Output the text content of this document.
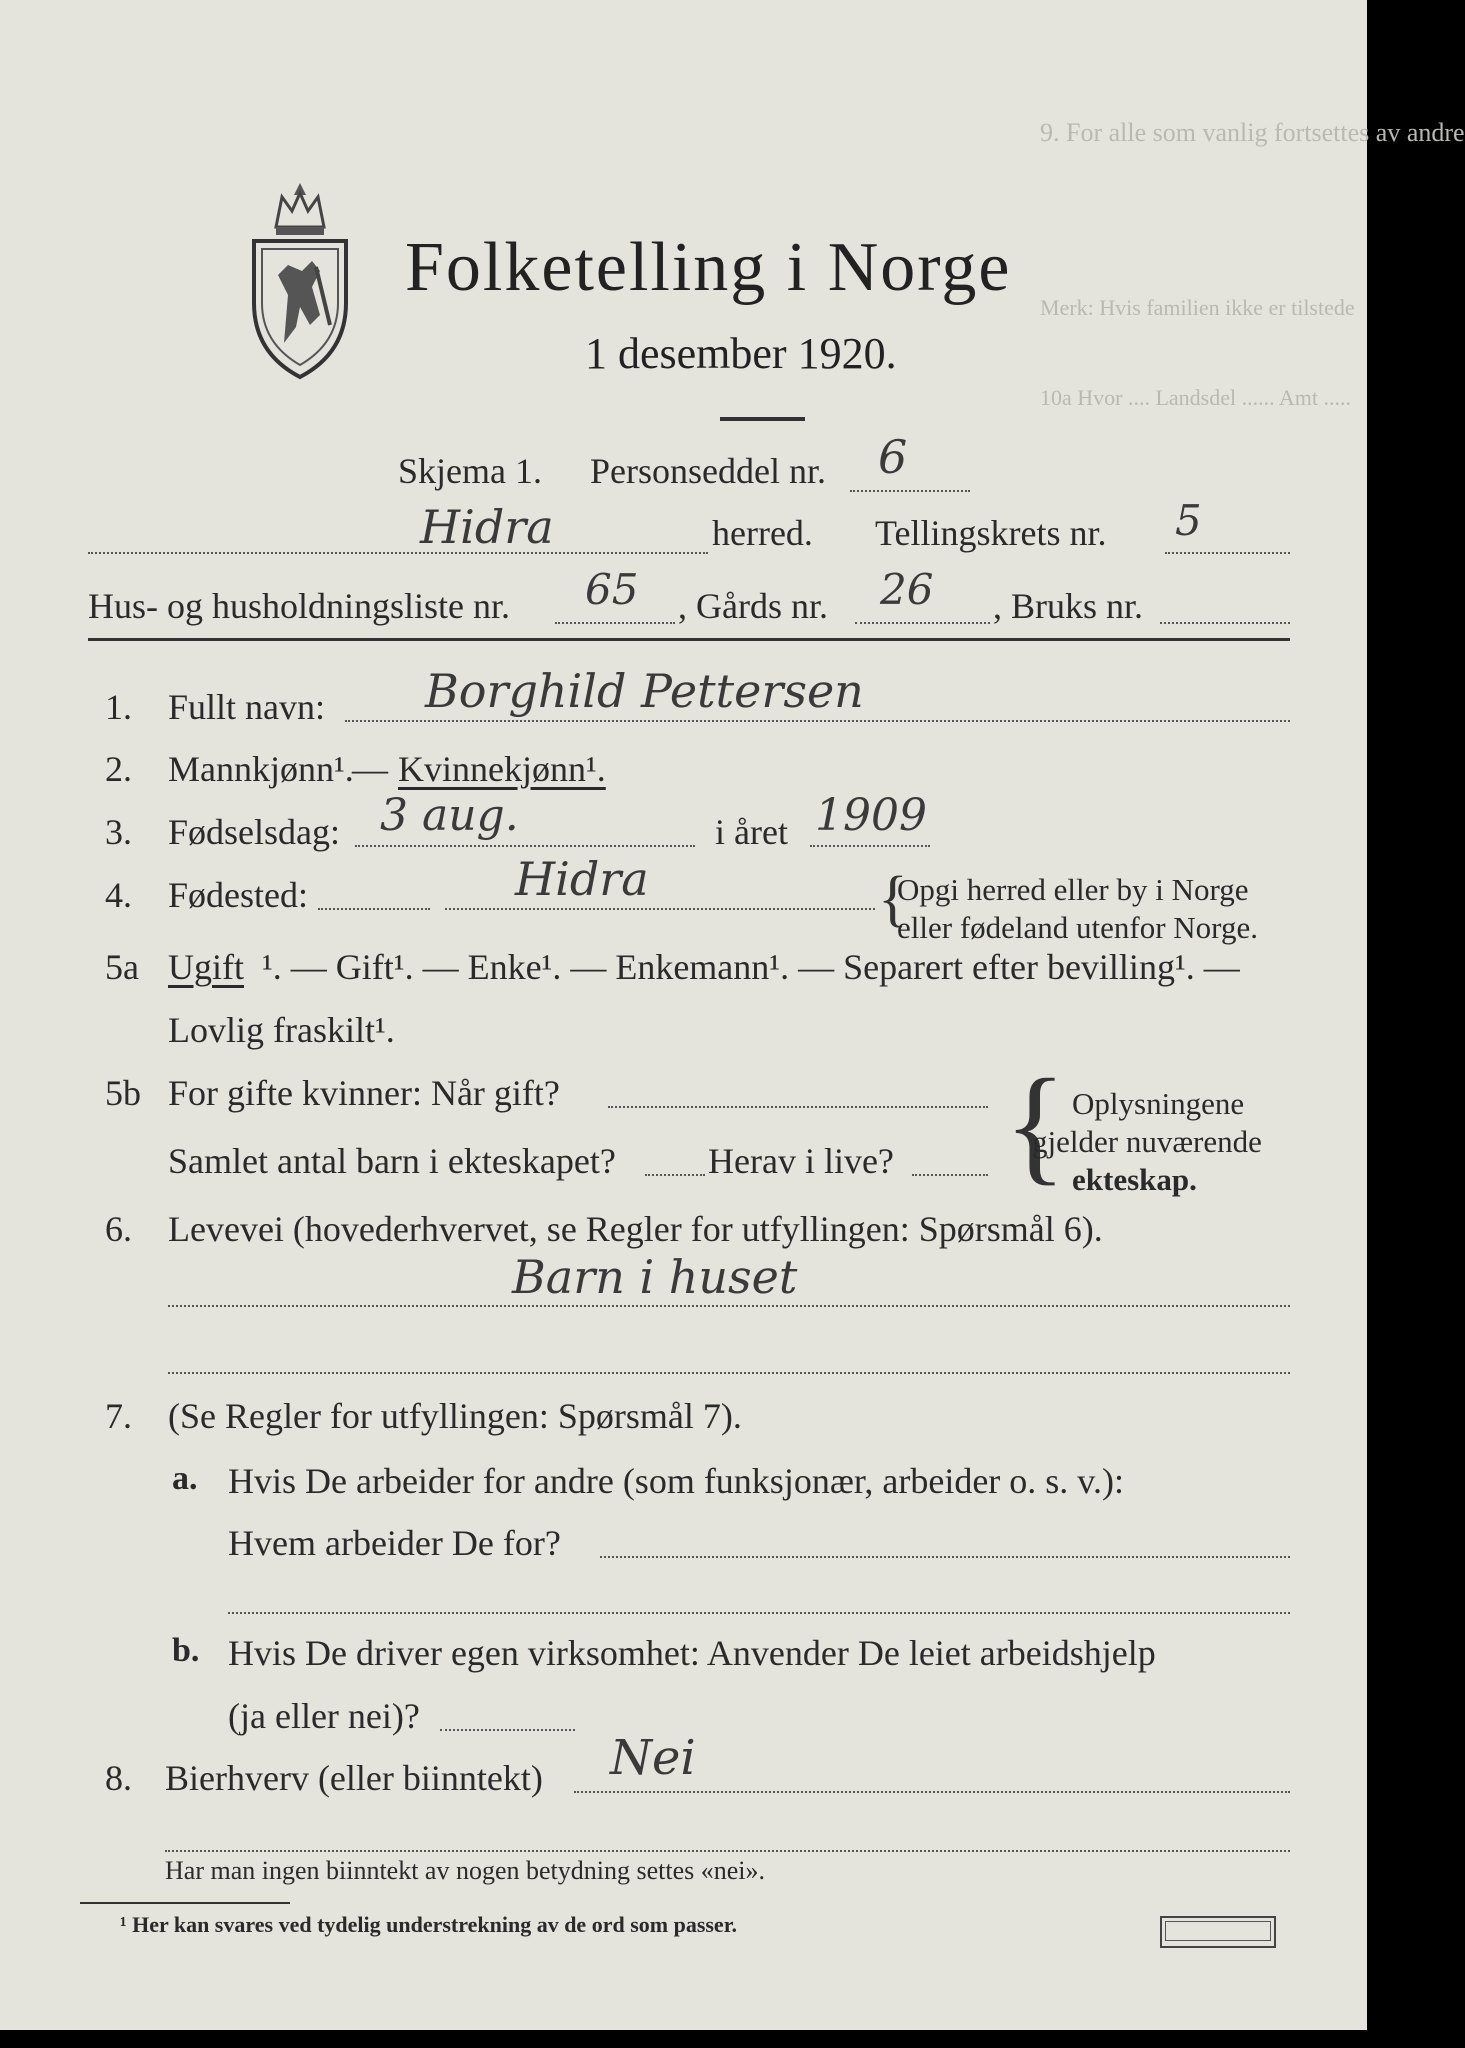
9. For alle som vanlig fortsettes av andre
Merk: Hvis familien ikke er tilstede
10a Hvor .... Landsdel ...... Amt .....
Folketelling i Norge
1 desember 1920.
Skjema 1. Personseddel nr. 6
Hidra	herred. Tellingskrets nr. 5
Hus- og husholdningsliste nr. 65 , Gårds nr. 26 , Bruks nr.
1. Fullt navn: Borghild Pettersen
2. Mannkjønn¹.
— Kvinnekjønn¹.
3. Fødselsdag: 3 aug.	i året 1909
4. Fødested:	Hidra	{
Opgi herred eller by i Norge
eller fødeland utenfor Norge.
5a Ugift ¹. — Gift¹. — Enke¹. — Enkemann¹. — Separert efter bevilling¹. —
Lovlig fraskilt¹.
5b For gifte kvinner: Når gift?
Samlet antal barn i ekteskapet?	Herav i live? { Oplysningene
gjelder nuværende
ekteskap.
6. Levevei (hovederhvervet, se Regler for utfyllingen: Spørsmål 6).
Barn i huset
7. (Se Regler for utfyllingen: Spørsmål 7).
a. Hvis De arbeider for andre (som funksjonær, arbeider o. s. v.):
Hvem arbeider De for?
b. Hvis De driver egen virksomhet: Anvender De leiet arbeidshjelp
(ja eller nei)?
8. Bierhverv (eller biinntekt) Nei
Har man ingen biinntekt av nogen betydning settes «nei».
¹ Her kan svares ved tydelig understrekning av de ord som passer.
